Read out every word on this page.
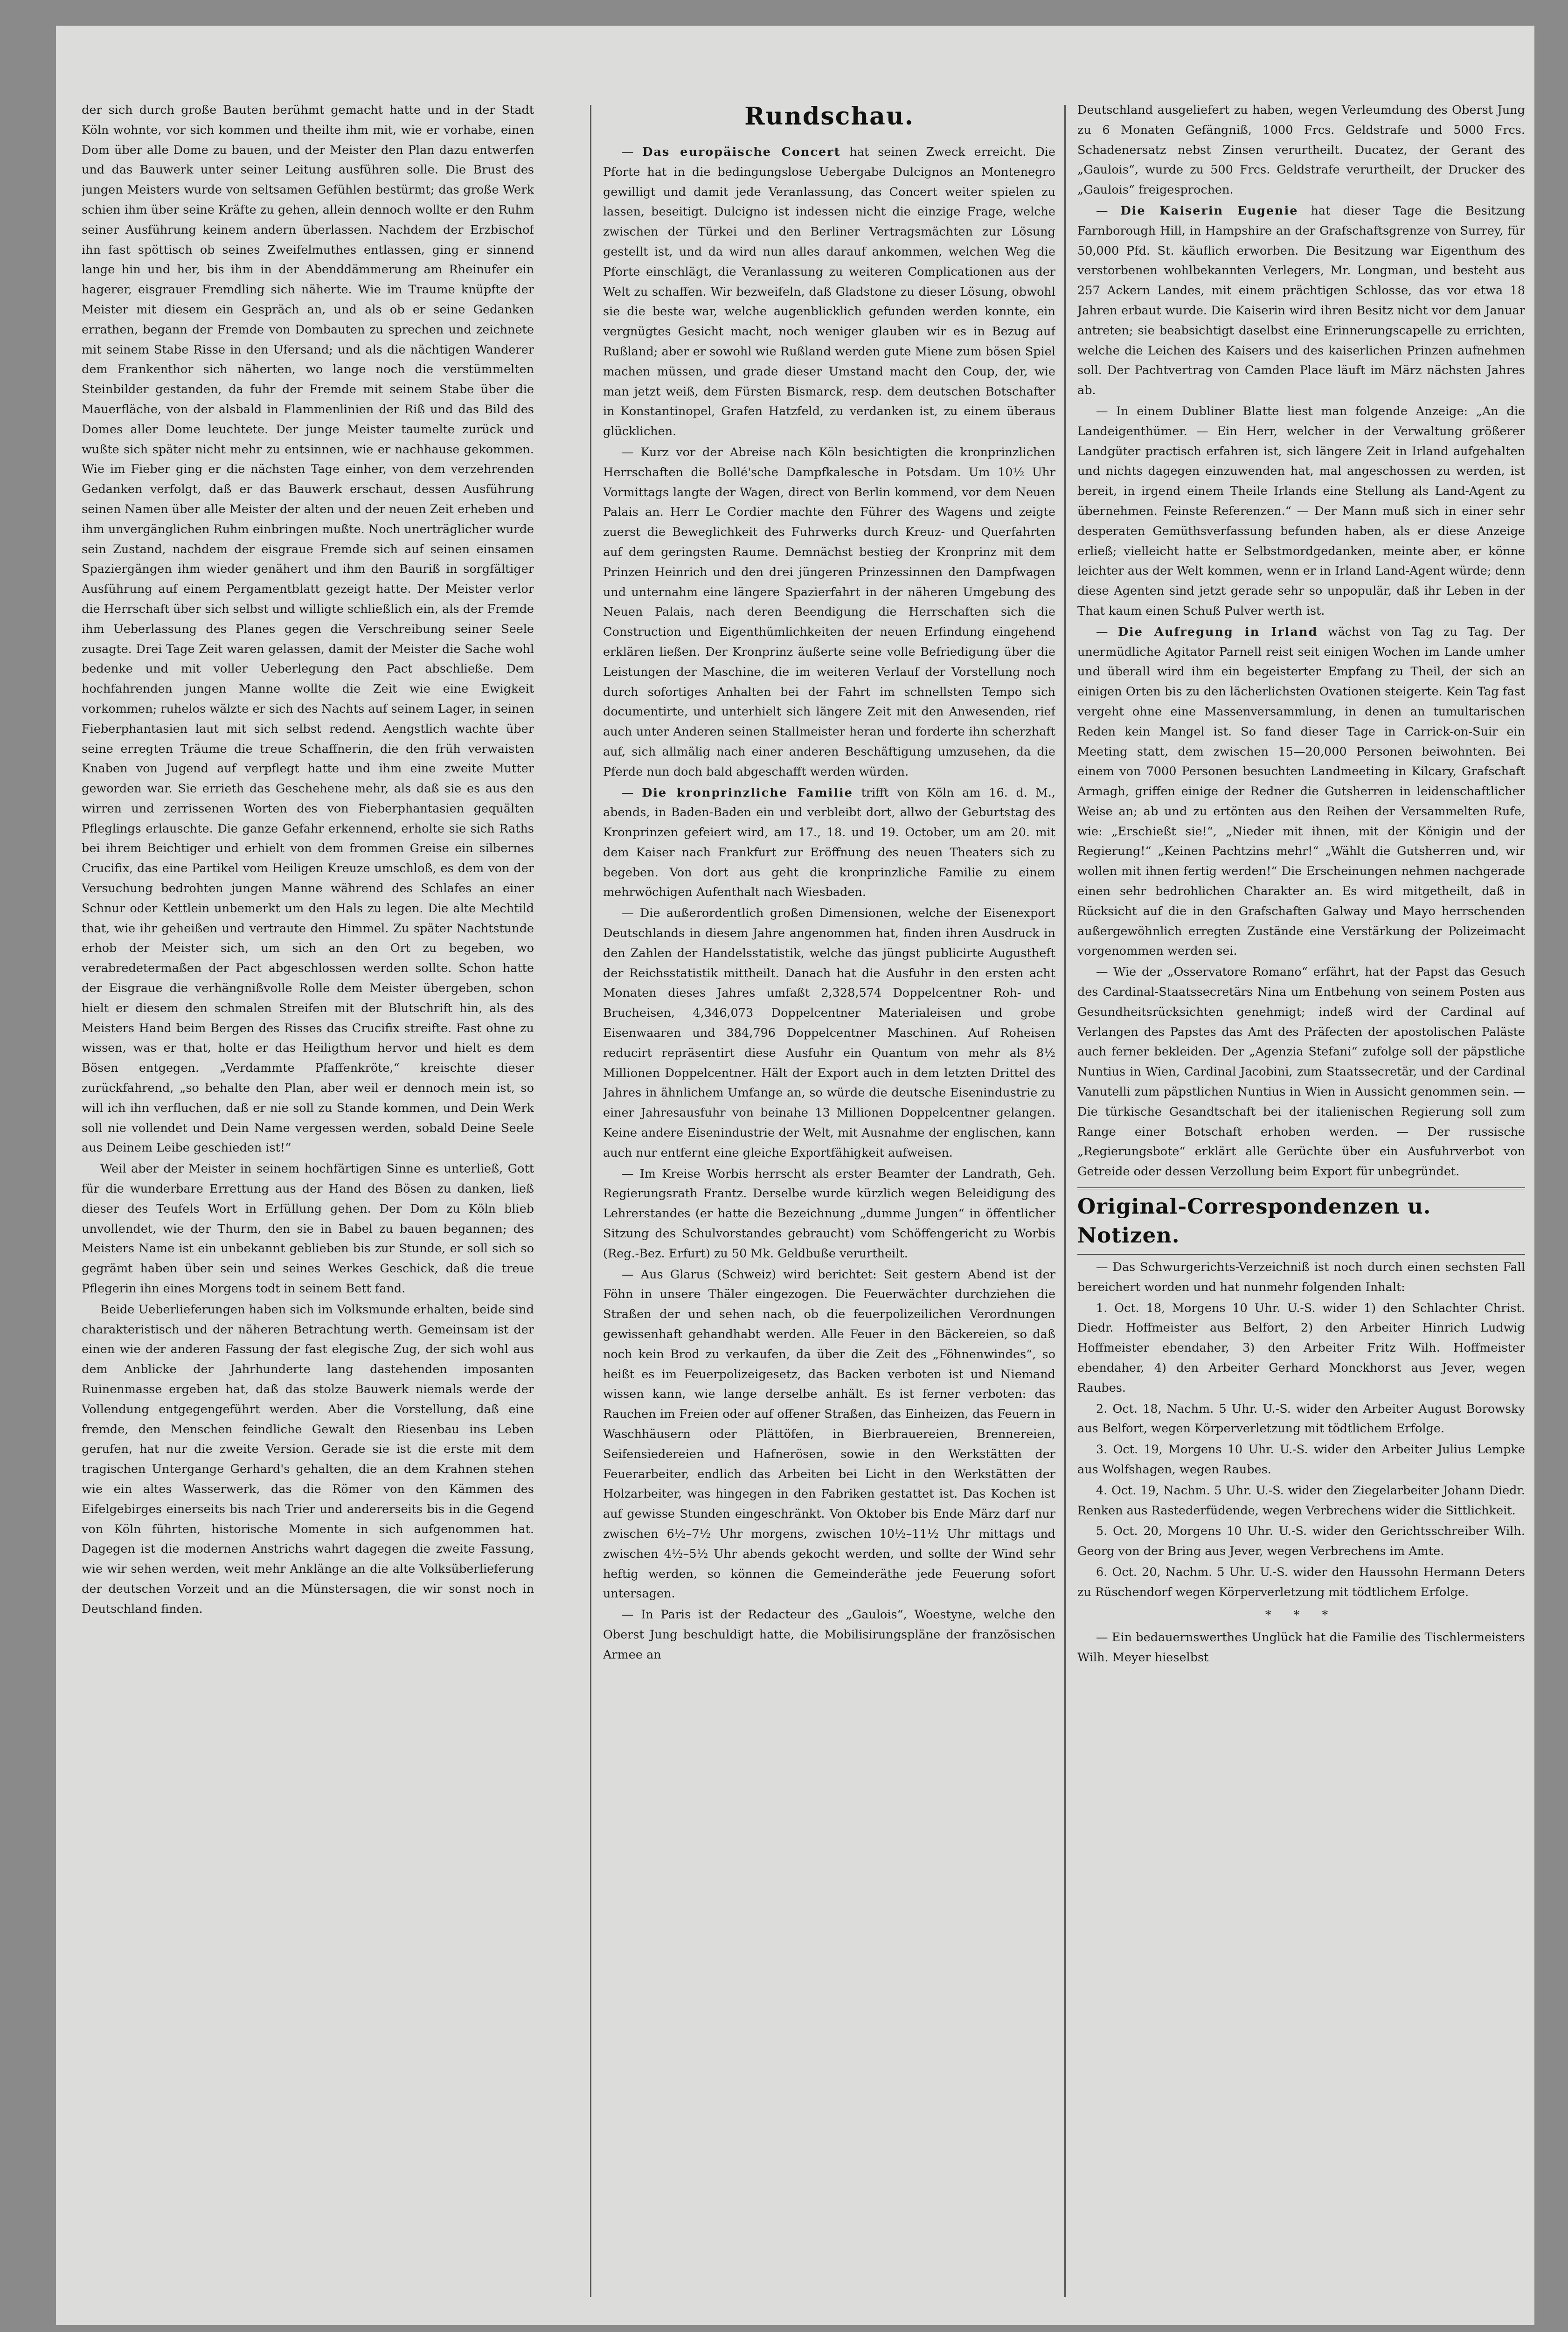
der sich durch große Bauten berühmt gemacht hatte und in der Stadt Köln wohnte, vor sich kommen und theilte ihm mit, wie er vorhabe, einen Dom über alle Dome zu bauen, und der Meister den Plan dazu entwerfen und das Bauwerk unter seiner Leitung ausführen solle. Die Brust des jungen Meisters wurde von seltsamen Gefühlen bestürmt; das große Werk schien ihm über seine Kräfte zu gehen, allein dennoch wollte er den Ruhm seiner Ausführung keinem andern überlassen. Nachdem der Erzbischof ihn fast spöttisch ob seines Zweifelmuthes entlassen, ging er sinnend lange hin und her, bis ihm in der Abenddämmerung am Rheinufer ein hagerer, eisgrauer Fremdling sich näherte. Wie im Traume knüpfte der Meister mit diesem ein Gespräch an, und als ob er seine Gedanken errathen, begann der Fremde von Dombauten zu sprechen und zeichnete mit seinem Stabe Risse in den Ufersand; und als die nächtigen Wanderer dem Frankenthor sich näherten, wo lange noch die verstümmelten Steinbilder gestanden, da fuhr der Fremde mit seinem Stabe über die Mauerfläche, von der alsbald in Flammenlinien der Riß und das Bild des Domes aller Dome leuchtete. Der junge Meister taumelte zurück und wußte sich später nicht mehr zu entsinnen, wie er nachhause gekommen. Wie im Fieber ging er die nächsten Tage einher, von dem verzehrenden Gedanken verfolgt, daß er das Bauwerk erschaut, dessen Ausführung seinen Namen über alle Meister der alten und der neuen Zeit erheben und ihm unvergänglichen Ruhm einbringen mußte. Noch unerträglicher wurde sein Zustand, nachdem der eisgraue Fremde sich auf seinen einsamen Spaziergängen ihm wieder genähert und ihm den Bauriß in sorgfältiger Ausführung auf einem Pergamentblatt gezeigt hatte. Der Meister verlor die Herrschaft über sich selbst und willigte schließlich ein, als der Fremde ihm Ueberlassung des Planes gegen die Verschreibung seiner Seele zusagte. Drei Tage Zeit waren gelassen, damit der Meister die Sache wohl bedenke und mit voller Ueberlegung den Pact abschließe. Dem hochfahrenden jungen Manne wollte die Zeit wie eine Ewigkeit vorkommen; ruhelos wälzte er sich des Nachts auf seinem Lager, in seinen Fieberphantasien laut mit sich selbst redend. Aengstlich wachte über seine erregten Träume die treue Schaffnerin, die den früh verwaisten Knaben von Jugend auf verpflegt hatte und ihm eine zweite Mutter geworden war. Sie errieth das Geschehene mehr, als daß sie es aus den wirren und zerrissenen Worten des von Fieberphantasien gequälten Pfleglings erlauschte. Die ganze Gefahr erkennend, erholte sie sich Raths bei ihrem Beichtiger und erhielt von dem frommen Greise ein silbernes Crucifix, das eine Partikel vom Heiligen Kreuze umschloß, es dem von der Versuchung bedrohten jungen Manne während des Schlafes an einer Schnur oder Kettlein unbemerkt um den Hals zu legen. Die alte Mechtild that, wie ihr geheißen und vertraute den Himmel. Zu später Nachtstunde erhob der Meister sich, um sich an den Ort zu begeben, wo verabredetermaßen der Pact abgeschlossen werden sollte. Schon hatte der Eisgraue die verhängnißvolle Rolle dem Meister übergeben, schon hielt er diesem den schmalen Streifen mit der Blutschrift hin, als des Meisters Hand beim Bergen des Risses das Crucifix streifte. Fast ohne zu wissen, was er that, holte er das Heiligthum hervor und hielt es dem Bösen entgegen. „Verdammte Pfaffenkröte,“ kreischte dieser zurückfahrend, „so behalte den Plan, aber weil er dennoch mein ist, so will ich ihn verfluchen, daß er nie soll zu Stande kommen, und Dein Werk soll nie vollendet und Dein Name vergessen werden, sobald Deine Seele aus Deinem Leibe geschieden ist!“

Weil aber der Meister in seinem hochfärtigen Sinne es unterließ, Gott für die wunderbare Errettung aus der Hand des Bösen zu danken, ließ dieser des Teufels Wort in Erfüllung gehen. Der Dom zu Köln blieb unvollendet, wie der Thurm, den sie in Babel zu bauen begannen; des Meisters Name ist ein unbekannt geblieben bis zur Stunde, er soll sich so gegrämt haben über sein und seines Werkes Geschick, daß die treue Pflegerin ihn eines Morgens todt in seinem Bett fand.

Beide Ueberlieferungen haben sich im Volksmunde erhalten, beide sind charakteristisch und der näheren Betrachtung werth. Gemeinsam ist der einen wie der anderen Fassung der fast elegische Zug, der sich wohl aus dem Anblicke der Jahrhunderte lang dastehenden imposanten Ruinenmasse ergeben hat, daß das stolze Bauwerk niemals werde der Vollendung entgegengeführt werden. Aber die Vorstellung, daß eine fremde, den Menschen feindliche Gewalt den Riesenbau ins Leben gerufen, hat nur die zweite Version. Gerade sie ist die erste mit dem tragischen Untergange Gerhard's gehalten, die an dem Krahnen stehen wie ein altes Wasserwerk, das die Römer von den Kämmen des Eifelgebirges einerseits bis nach Trier und andererseits bis in die Gegend von Köln führten, historische Momente in sich aufgenommen hat. Dagegen ist die modernen Anstrichs wahrt dagegen die zweite Fassung, wie wir sehen werden, weit mehr Anklänge an die alte Volksüberlieferung der deutschen Vorzeit und an die Münstersagen, die wir sonst noch in Deutschland finden.

Rundschau.

— Das europäische Concert hat seinen Zweck erreicht. Die Pforte hat in die bedingungslose Uebergabe Dulcignos an Montenegro gewilligt und damit jede Veranlassung, das Concert weiter spielen zu lassen, beseitigt. Dulcigno ist indessen nicht die einzige Frage, welche zwischen der Türkei und den Berliner Vertragsmächten zur Lösung gestellt ist, und da wird nun alles darauf ankommen, welchen Weg die Pforte einschlägt, die Veranlassung zu weiteren Complicationen aus der Welt zu schaffen. Wir bezweifeln, daß Gladstone zu dieser Lösung, obwohl sie die beste war, welche augenblicklich gefunden werden konnte, ein vergnügtes Gesicht macht, noch weniger glauben wir es in Bezug auf Rußland; aber er sowohl wie Rußland werden gute Miene zum bösen Spiel machen müssen, und grade dieser Umstand macht den Coup, der, wie man jetzt weiß, dem Fürsten Bismarck, resp. dem deutschen Botschafter in Konstantinopel, Grafen Hatzfeld, zu verdanken ist, zu einem überaus glücklichen.

— Kurz vor der Abreise nach Köln besichtigten die kronprinzlichen Herrschaften die Bollé'sche Dampfkalesche in Potsdam. Um 10½ Uhr Vormittags langte der Wagen, direct von Berlin kommend, vor dem Neuen Palais an. Herr Le Cordier machte den Führer des Wagens und zeigte zuerst die Beweglichkeit des Fuhrwerks durch Kreuz- und Querfahrten auf dem geringsten Raume. Demnächst bestieg der Kronprinz mit dem Prinzen Heinrich und den drei jüngeren Prinzessinnen den Dampfwagen und unternahm eine längere Spazierfahrt in der näheren Umgebung des Neuen Palais, nach deren Beendigung die Herrschaften sich die Construction und Eigenthümlichkeiten der neuen Erfindung eingehend erklären ließen. Der Kronprinz äußerte seine volle Befriedigung über die Leistungen der Maschine, die im weiteren Verlauf der Vorstellung noch durch sofortiges Anhalten bei der Fahrt im schnellsten Tempo sich documentirte, und unterhielt sich längere Zeit mit den Anwesenden, rief auch unter Anderen seinen Stallmeister heran und forderte ihn scherzhaft auf, sich allmälig nach einer anderen Beschäftigung umzusehen, da die Pferde nun doch bald abgeschafft werden würden.

— Die kronprinzliche Familie trifft von Köln am 16. d. M., abends, in Baden-Baden ein und verbleibt dort, allwo der Geburtstag des Kronprinzen gefeiert wird, am 17., 18. und 19. October, um am 20. mit dem Kaiser nach Frankfurt zur Eröffnung des neuen Theaters sich zu begeben. Von dort aus geht die kronprinzliche Familie zu einem mehrwöchigen Aufenthalt nach Wiesbaden.

— Die außerordentlich großen Dimensionen, welche der Eisenexport Deutschlands in diesem Jahre angenommen hat, finden ihren Ausdruck in den Zahlen der Handelsstatistik, welche das jüngst publicirte Augustheft der Reichsstatistik mittheilt. Danach hat die Ausfuhr in den ersten acht Monaten dieses Jahres umfaßt 2,328,574 Doppelcentner Roh- und Brucheisen, 4,346,073 Doppelcentner Materialeisen und grobe Eisenwaaren und 384,796 Doppelcentner Maschinen. Auf Roheisen reducirt repräsentirt diese Ausfuhr ein Quantum von mehr als 8½ Millionen Doppelcentner. Hält der Export auch in dem letzten Drittel des Jahres in ähnlichem Umfange an, so würde die deutsche Eisenindustrie zu einer Jahresausfuhr von beinahe 13 Millionen Doppelcentner gelangen. Keine andere Eisenindustrie der Welt, mit Ausnahme der englischen, kann auch nur entfernt eine gleiche Exportfähigkeit aufweisen.

— Im Kreise Worbis herrscht als erster Beamter der Landrath, Geh. Regierungsrath Frantz. Derselbe wurde kürzlich wegen Beleidigung des Lehrerstandes (er hatte die Bezeichnung „dumme Jungen“ in öffentlicher Sitzung des Schulvorstandes gebraucht) vom Schöffengericht zu Worbis (Reg.-Bez. Erfurt) zu 50 Mk. Geldbuße verurtheilt.

— Aus Glarus (Schweiz) wird berichtet: Seit gestern Abend ist der Föhn in unsere Thäler eingezogen. Die Feuerwächter durchziehen die Straßen der und sehen nach, ob die feuerpolizeilichen Verordnungen gewissenhaft gehandhabt werden. Alle Feuer in den Bäckereien, so daß noch kein Brod zu verkaufen, da über die Zeit des „Föhnenwindes“, so heißt es im Feuerpolizeigesetz, das Backen verboten ist und Niemand wissen kann, wie lange derselbe anhält. Es ist ferner verboten: das Rauchen im Freien oder auf offener Straßen, das Einheizen, das Feuern in Waschhäusern oder Plättöfen, in Bierbrauereien, Brennereien, Seifensiedereien und Hafnerösen, sowie in den Werkstätten der Feuerarbeiter, endlich das Arbeiten bei Licht in den Werkstätten der Holzarbeiter, was hingegen in den Fabriken gestattet ist. Das Kochen ist auf gewisse Stunden eingeschränkt. Von Oktober bis Ende März darf nur zwischen 6½–7½ Uhr morgens, zwischen 10½–11½ Uhr mittags und zwischen 4½–5½ Uhr abends gekocht werden, und sollte der Wind sehr heftig werden, so können die Gemeinderäthe jede Feuerung sofort untersagen.

— In Paris ist der Redacteur des „Gaulois“, Woestyne, welche den Oberst Jung beschuldigt hatte, die Mobilisirungspläne der französischen Armee an

Deutschland ausgeliefert zu haben, wegen Verleumdung des Oberst Jung zu 6 Monaten Gefängniß, 1000 Frcs. Geldstrafe und 5000 Frcs. Schadenersatz nebst Zinsen verurtheilt. Ducatez, der Gerant des „Gaulois“, wurde zu 500 Frcs. Geldstrafe verurtheilt, der Drucker des „Gaulois“ freigesprochen.

— Die Kaiserin Eugenie hat dieser Tage die Besitzung Farnborough Hill, in Hampshire an der Grafschaftsgrenze von Surrey, für 50,000 Pfd. St. käuflich erworben. Die Besitzung war Eigenthum des verstorbenen wohlbekannten Verlegers, Mr. Longman, und besteht aus 257 Ackern Landes, mit einem prächtigen Schlosse, das vor etwa 18 Jahren erbaut wurde. Die Kaiserin wird ihren Besitz nicht vor dem Januar antreten; sie beabsichtigt daselbst eine Erinnerungscapelle zu errichten, welche die Leichen des Kaisers und des kaiserlichen Prinzen aufnehmen soll. Der Pachtvertrag von Camden Place läuft im März nächsten Jahres ab.

— In einem Dubliner Blatte liest man folgende Anzeige: „An die Landeigenthümer. — Ein Herr, welcher in der Verwaltung größerer Landgüter practisch erfahren ist, sich längere Zeit in Irland aufgehalten und nichts dagegen einzuwenden hat, mal angeschossen zu werden, ist bereit, in irgend einem Theile Irlands eine Stellung als Land-Agent zu übernehmen. Feinste Referenzen.“ — Der Mann muß sich in einer sehr desperaten Gemüthsverfassung befunden haben, als er diese Anzeige erließ; vielleicht hatte er Selbstmordgedanken, meinte aber, er könne leichter aus der Welt kommen, wenn er in Irland Land-Agent würde; denn diese Agenten sind jetzt gerade sehr so unpopulär, daß ihr Leben in der That kaum einen Schuß Pulver werth ist.

— Die Aufregung in Irland wächst von Tag zu Tag. Der unermüdliche Agitator Parnell reist seit einigen Wochen im Lande umher und überall wird ihm ein begeisterter Empfang zu Theil, der sich an einigen Orten bis zu den lächerlichsten Ovationen steigerte. Kein Tag fast vergeht ohne eine Massenversammlung, in denen an tumultarischen Reden kein Mangel ist. So fand dieser Tage in Carrick-on-Suir ein Meeting statt, dem zwischen 15—20,000 Personen beiwohnten. Bei einem von 7000 Personen besuchten Landmeeting in Kilcary, Grafschaft Armagh, griffen einige der Redner die Gutsherren in leidenschaftlicher Weise an; ab und zu ertönten aus den Reihen der Versammelten Rufe, wie: „Erschießt sie!“, „Nieder mit ihnen, mit der Königin und der Regierung!“ „Keinen Pachtzins mehr!“ „Wählt die Gutsherren und, wir wollen mit ihnen fertig werden!“ Die Erscheinungen nehmen nachgerade einen sehr bedrohlichen Charakter an. Es wird mitgetheilt, daß in Rücksicht auf die in den Grafschaften Galway und Mayo herrschenden außergewöhnlich erregten Zustände eine Verstärkung der Polizeimacht vorgenommen werden sei.

— Wie der „Osservatore Romano“ erfährt, hat der Papst das Gesuch des Cardinal-Staatssecretärs Nina um Entbehung von seinem Posten aus Gesundheitsrücksichten genehmigt; indeß wird der Cardinal auf Verlangen des Papstes das Amt des Präfecten der apostolischen Paläste auch ferner bekleiden. Der „Agenzia Stefani“ zufolge soll der päpstliche Nuntius in Wien, Cardinal Jacobini, zum Staatssecretär, und der Cardinal Vanutelli zum päpstlichen Nuntius in Wien in Aussicht genommen sein. — Die türkische Gesandtschaft bei der italienischen Regierung soll zum Range einer Botschaft erhoben werden. — Der russische „Regierungsbote“ erklärt alle Gerüchte über ein Ausfuhrverbot von Getreide oder dessen Verzollung beim Export für unbegründet.

Original-Correspondenzen u. Notizen.

— Das Schwurgerichts-Verzeichniß ist noch durch einen sechsten Fall bereichert worden und hat nunmehr folgenden Inhalt:

1. Oct. 18, Morgens 10 Uhr. U.-S. wider 1) den Schlachter Christ. Diedr. Hoffmeister aus Belfort, 2) den Arbeiter Hinrich Ludwig Hoffmeister ebendaher, 3) den Arbeiter Fritz Wilh. Hoffmeister ebendaher, 4) den Arbeiter Gerhard Monckhorst aus Jever, wegen Raubes.

2. Oct. 18, Nachm. 5 Uhr. U.-S. wider den Arbeiter August Borowsky aus Belfort, wegen Körperverletzung mit tödtlichem Erfolge.

3. Oct. 19, Morgens 10 Uhr. U.-S. wider den Arbeiter Julius Lempke aus Wolfshagen, wegen Raubes.

4. Oct. 19, Nachm. 5 Uhr. U.-S. wider den Ziegelarbeiter Johann Diedr. Renken aus Rastederfüdende, wegen Verbrechens wider die Sittlichkeit.

5. Oct. 20, Morgens 10 Uhr. U.-S. wider den Gerichtsschreiber Wilh. Georg von der Bring aus Jever, wegen Verbrechens im Amte.

6. Oct. 20, Nachm. 5 Uhr. U.-S. wider den Haussohn Hermann Deters zu Rüschendorf wegen Körperverletzung mit tödtlichem Erfolge.

* * *

— Ein bedauernswerthes Unglück hat die Familie des Tischlermeisters Wilh. Meyer hieselbst
